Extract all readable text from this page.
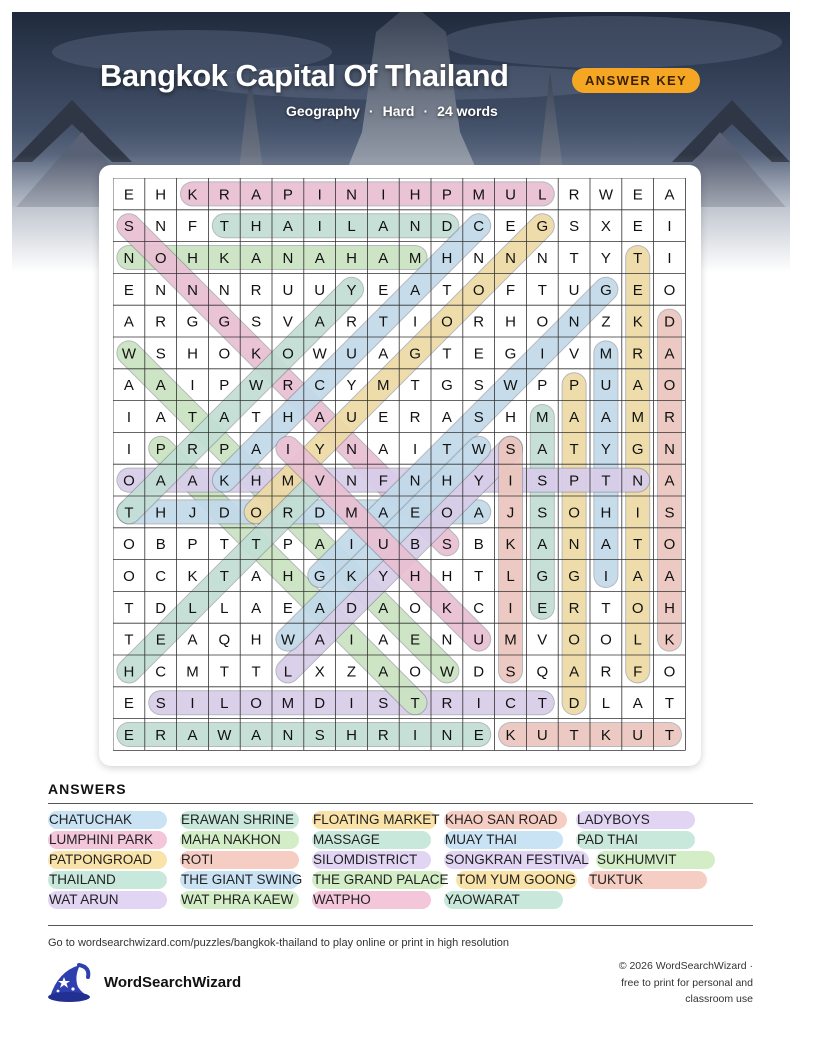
Bangkok Capital Of Thailand	ANSWER KEY
Geography · Hard · 24 words
E H K R A P I N I H P M U L R W E A
S N F T H A I L A N D C E G S X E I
N O H K A N A H A M H N N N T Y T I
E N N N R U U Y E A T O F T U G E O
A R G G S V A R T I O R H O N Z K D
W S H O K O W U A G T E G I V M R A
A A I P W R C Y M T G S W P P U A O
I A T A T H A U E R A S H M A A M R
I P R P A I Y N A I T W S A T Y G N
O A A K H M V N F N H Y I S P T N A
T H J D O R D M A E O A J S O H I S
O B P T T P A I U B S B K A N A T O
O C K T A H G K Y H H T L G G I A A
T D L L A E A D A O K C I E R T O H
T E A Q H W A I A E N U M V O O L K
H C M T T L X Z A O W D S Q A R F O
E S I L O M D I S T R I C T D L A T
E R A W A N S H R I N E K U T K U T
ANSWERS
CHATUCHAK	ERAWAN SHRINE	FLOATING MARKET KHAO SAN ROAD	LADYBOYS
LUMPHINI PARK	MAHA NAKHON	MASSAGE	MUAY THAI	PAD THAI
PATPONGROAD	ROTI	SILOMDISTRICT	SONGKRAN FESTIVAL SUKHUMVIT
THAILAND	THE GIANT SWING THE GRAND PALACE TOM YUM GOONG TUKTUK
WAT ARUN	WAT PHRA KAEW	WATPHO	YAOWARAT
Go to wordsearchwizard.com/puzzles/bangkok-thailand to play online or print in high resolution
WordSearchWizard
© 2026 WordSearchWizard ·
free to print for personal and
classroom use
